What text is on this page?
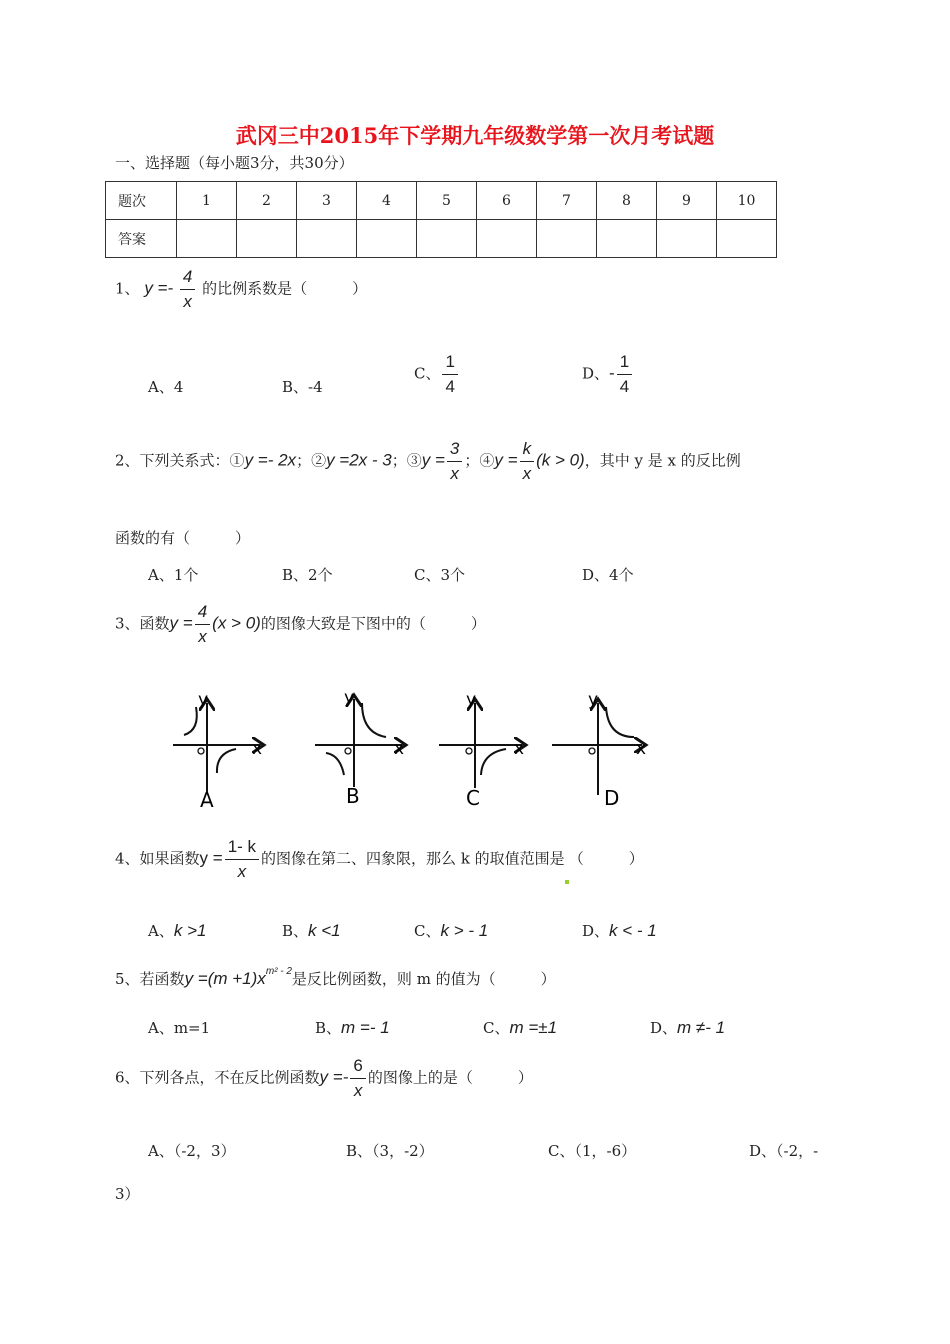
武冈三中2015年下学期九年级数学第一次月考试题
一、选择题（每小题3分，共30分）
题次	1	2	3	4	5	6	7	8	9	10
答案										
1、 $y =- \frac{4}{x}$ 的比例系数是（　　　）
A、4	B、-4
C、 $\frac{1}{4}$	D、- $\frac{1}{4}$
2、下列关系式：①y =- 2x；②y =2x - 3；③y = $\frac{3}{x}$ ；④y = $\frac{k}{x} (k > 0)$，其中 y 是 x 的反比例
函数的有（　　　）
A、1个	B、2个	C、3个	D、4个
3、函数$y = \frac{4}{x} (x > 0)$的图像大致是下图中的（　　　）
y
x
A
y
x
B
y
x
C
y
x
D
4、如果函数$y = \frac{1- k}{x}$ 的图像在第二、四象限，那么 k 的取值范围是 （　　　）
A、k >1	B、k <1	C、k > - 1	D、k < - 1
5、若函数$y =(m +1)x^{m^2 - 2}$是反比例函数，则 m 的值为（　　　）
A、m=1	B、m =- 1	C、m =±1	D、m ≠- 1
6、下列各点，不在反比例函数$y =- \frac{6}{x}$ 的图像上的是（　　　）
A、（-2，3）	B、（3，-2）	C、（1，-6）	D、（-2，-
3）
